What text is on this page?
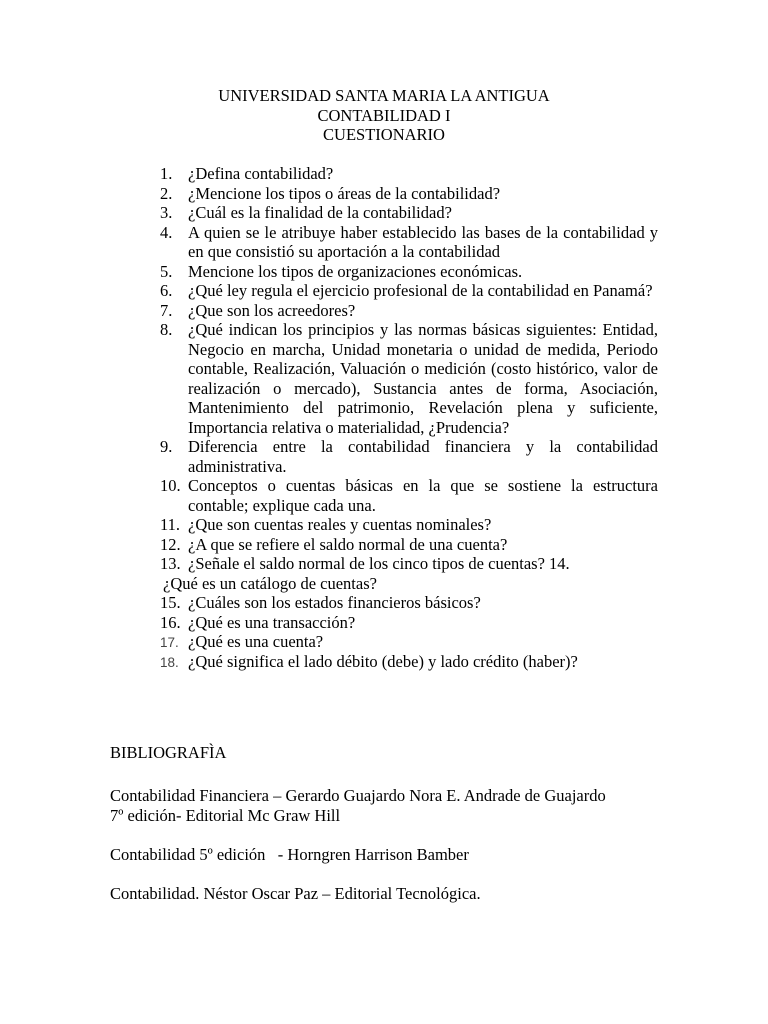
UNIVERSIDAD SANTA MARIA LA ANTIGUA
CONTABILIDAD I
CUESTIONARIO
1. ¿Defina contabilidad?
2. ¿Mencione los tipos o áreas de la contabilidad?
3. ¿Cuál es la finalidad de la contabilidad?
4. A quien se le atribuye haber establecido las bases de la contabilidad y en que consistió su aportación a la contabilidad
5. Mencione los tipos de organizaciones económicas.
6. ¿Qué ley regula el ejercicio profesional de la contabilidad en Panamá?
7. ¿Que son los acreedores?
8. ¿Qué indican los principios y las normas básicas siguientes: Entidad, Negocio en marcha, Unidad monetaria o unidad de medida, Periodo contable, Realización, Valuación o medición (costo histórico, valor de realización o mercado), Sustancia antes de forma, Asociación, Mantenimiento del patrimonio, Revelación plena y suficiente, Importancia relativa o materialidad, ¿Prudencia?
9. Diferencia entre la contabilidad financiera y la contabilidad administrativa.
10. Conceptos o cuentas básicas en la que se sostiene la estructura contable; explique cada una.
11. ¿Que son cuentas reales y cuentas nominales?
12. ¿A que se refiere el saldo normal de una cuenta?
13. ¿Señale el saldo normal de los cinco tipos de cuentas? 14.
¿Qué es un catálogo de cuentas?
15. ¿Cuáles son los estados financieros básicos?
16. ¿Qué es una transacción?
17. ¿Qué es una cuenta?
18. ¿Qué significa el lado débito (debe) y lado crédito (haber)?
BIBLIOGRAFÌA
Contabilidad Financiera – Gerardo Guajardo Nora E. Andrade de Guajardo
7º edición- Editorial Mc Graw Hill
Contabilidad 5º edición   - Horngren Harrison Bamber
Contabilidad. Néstor Oscar Paz – Editorial Tecnológica.
